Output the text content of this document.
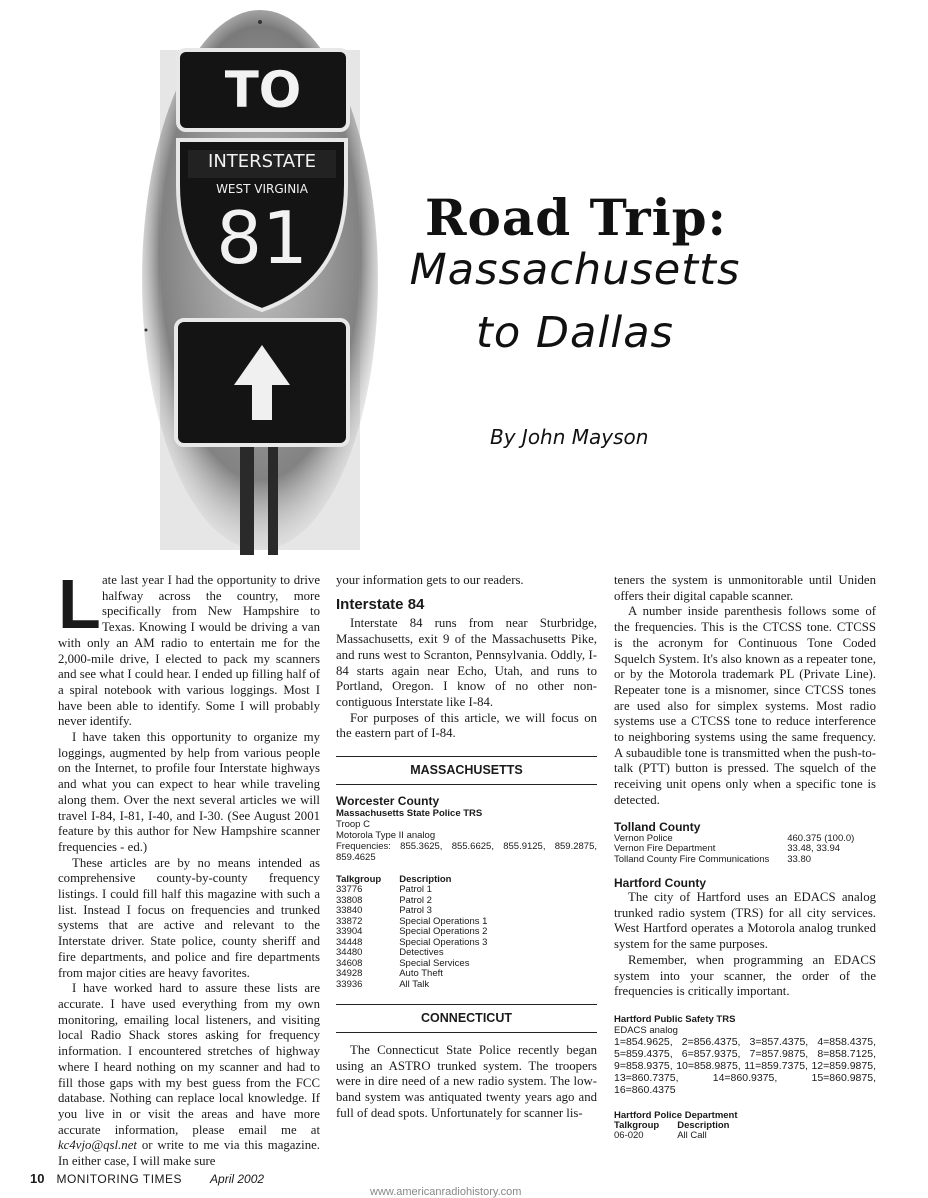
TO
INTERSTATE
WEST VIRGINIA
81	Road Trip:
Massachusetts
to Dallas
By John Mayson
L ate last year I had the opportunity to drive halfway across the country, more specifically from New Hampshire to Texas. Knowing I would be driving a van with only an AM radio to entertain me for the 2,000-mile drive, I elected to pack my scanners and see what I could hear. I ended up filling half of a spiral notebook with various loggings. Most I have been able to identify. Some I will probably never identify.

I have taken this opportunity to organize my loggings, augmented by help from various people on the Internet, to profile four Interstate highways and what you can expect to hear while traveling along them. Over the next several articles we will travel I-84, I-81, I-40, and I-30. (See August 2001 feature by this author for New Hampshire scanner frequencies - ed.)

These articles are by no means intended as comprehensive county-by-county frequency listings. I could fill half this magazine with such a list. Instead I focus on frequencies and trunked systems that are active and relevant to the Interstate driver. State police, county sheriff and fire departments, and police and fire departments from major cities are heavy favorites.

I have worked hard to assure these lists are accurate. I have used everything from my own monitoring, emailing local listeners, and visiting local Radio Shack stores asking for frequency information. I encountered stretches of highway where I heard nothing on my scanner and had to fill those gaps with my best guess from the FCC database. Nothing can replace local knowledge. If you live in or visit the areas and have more accurate information, please email me at kc4vjo@qsl.net or write to me via this magazine. In either case, I will make sure

your information gets to our readers.

Interstate 84

Interstate 84 runs from near Sturbridge, Massachusetts, exit 9 of the Massachusetts Pike, and runs west to Scranton, Pennsylvania. Oddly, I-84 starts again near Echo, Utah, and runs to Portland, Oregon. I know of no other non-contiguous Interstate like I-84.

For purposes of this article, we will focus on the eastern part of I-84.

MASSACHUSETTS
Worcester County
Massachusetts State Police TRS
Troop C
Motorola Type II analog
Frequencies: 855.3625, 855.6625, 855.9125, 859.2875, 859.4625
Talkgroup	Description
33776	Patrol 1
33808	Patrol 2
33840	Patrol 3
33872	Special Operations 1
33904	Special Operations 2
34448	Special Operations 3
34480	Detectives
34608	Special Services
34928	Auto Theft
33936	All Talk
CONNECTICUT

The Connecticut State Police recently began using an ASTRO trunked system. The troopers were in dire need of a new radio system. The low-band system was antiquated twenty years ago and full of dead spots. Unfortunately for scanner lis-

teners the system is unmonitorable until Uniden offers their digital capable scanner.

A number inside parenthesis follows some of the frequencies. This is the CTCSS tone. CTCSS is the acronym for Continuous Tone Coded Squelch System. It's also known as a repeater tone, or by the Motorola trademark PL (Private Line). Repeater tone is a misnomer, since CTCSS tones are used also for simplex systems. Most radio systems use a CTCSS tone to reduce interference to neighboring systems using the same frequency. A subaudible tone is transmitted when the push-to-talk (PTT) button is pressed. The squelch of the receiving unit opens only when a specific tone is detected.

Tolland County
Vernon Police	460.375 (100.0)
Vernon Fire Department	33.48, 33.94
Tolland County Fire Communications	33.80
Hartford County

The city of Hartford uses an EDACS analog trunked radio system (TRS) for all city services. West Hartford operates a Motorola analog trunked system for the same purposes.

Remember, when programming an EDACS system into your scanner, the order of the frequencies is critically important.

Hartford Public Safety TRS
EDACS analog
1=854.9625, 2=856.4375, 3=857.4375, 4=858.4375, 5=859.4375, 6=857.9375, 7=857.9875, 8=858.7125, 9=858.9375, 10=858.9875, 11=859.7375, 12=859.9875, 13=860.7375, 14=860.9375, 15=860.9875, 16=860.4375
Hartford Police Department
Talkgroup	Description
06-020	All Call
10 MONITORING TIMES April 2002
www.americanradiohistory.com
